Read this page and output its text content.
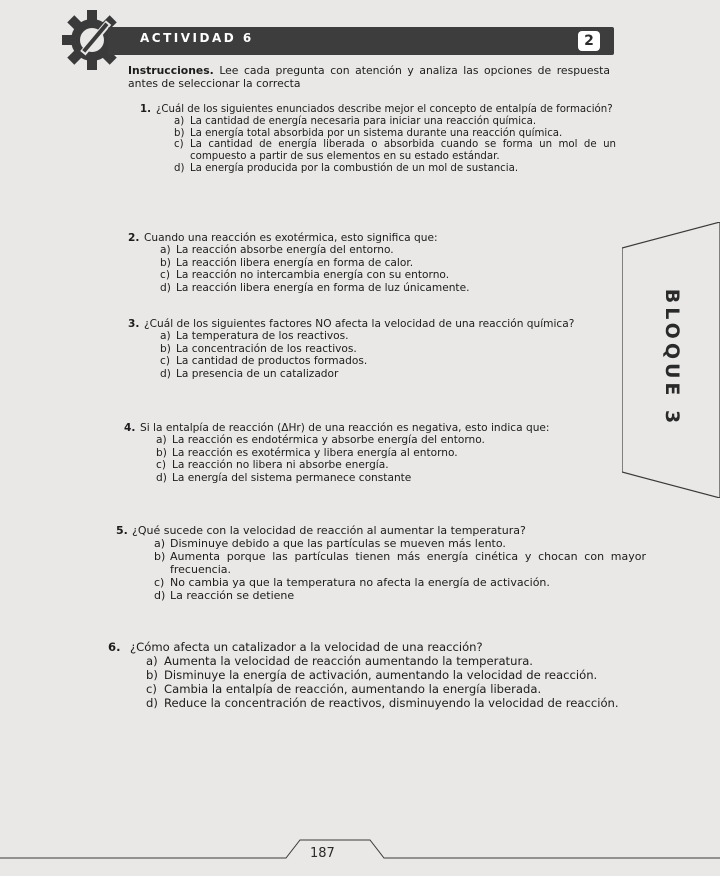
ACTIVIDAD 6	2
Instrucciones. Lee cada pregunta con atención y analiza las opciones de respuesta antes de seleccionar la correcta
1. ¿Cuál de los siguientes enunciados describe mejor el concepto de entalpía de formación?
a) La cantidad de energía necesaria para iniciar una reacción química.
b) La energía total absorbida por un sistema durante una reacción química.
c) La cantidad de energía liberada o absorbida cuando se forma un mol de un compuesto a partir de sus elementos en su estado estándar.
d) La energía producida por la combustión de un mol de sustancia.
2. Cuando una reacción es exotérmica, esto significa que:
a) La reacción absorbe energía del entorno.
b) La reacción libera energía en forma de calor.
c) La reacción no intercambia energía con su entorno.
d) La reacción libera energía en forma de luz únicamente.
3. ¿Cuál de los siguientes factores NO afecta la velocidad de una reacción química?
a) La temperatura de los reactivos.
b) La concentración de los reactivos.
c) La cantidad de productos formados.
d) La presencia de un catalizador
4. Si la entalpía de reacción (ΔHr) de una reacción es negativa, esto indica que:
a) La reacción es endotérmica y absorbe energía del entorno.
b) La reacción es exotérmica y libera energía al entorno.
c) La reacción no libera ni absorbe energía.
d) La energía del sistema permanece constante
5. ¿Qué sucede con la velocidad de reacción al aumentar la temperatura?
a) Disminuye debido a que las partículas se mueven más lento.
b) Aumenta porque las partículas tienen más energía cinética y chocan con mayor frecuencia.
c) No cambia ya que la temperatura no afecta la energía de activación.
d) La reacción se detiene
6. ¿Cómo afecta un catalizador a la velocidad de una reacción?
a) Aumenta la velocidad de reacción aumentando la temperatura.
b) Disminuye la energía de activación, aumentando la velocidad de reacción.
c) Cambia la entalpía de reacción, aumentando la energía liberada.
d) Reduce la concentración de reactivos, disminuyendo la velocidad de reacción.
BLOQUE 3
187
